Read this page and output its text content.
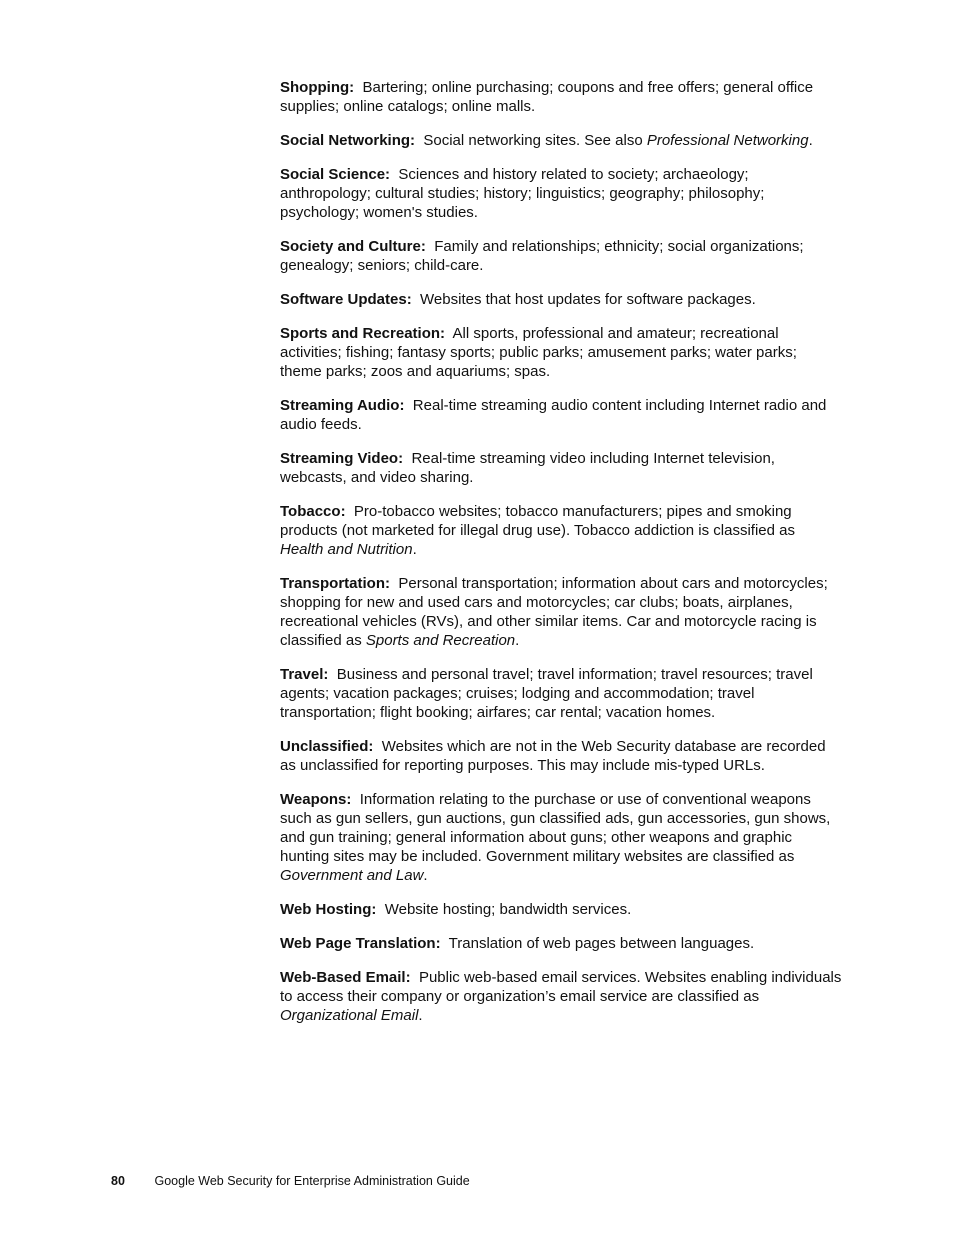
Shopping: Bartering; online purchasing; coupons and free offers; general office supplies; online catalogs; online malls.

Social Networking: Social networking sites. See also Professional Networking.

Social Science: Sciences and history related to society; archaeology; anthropology; cultural studies; history; linguistics; geography; philosophy; psychology; women's studies.

Society and Culture: Family and relationships; ethnicity; social organizations; genealogy; seniors; child-care.

Software Updates: Websites that host updates for software packages.

Sports and Recreation: All sports, professional and amateur; recreational activities; fishing; fantasy sports; public parks; amusement parks; water parks; theme parks; zoos and aquariums; spas.

Streaming Audio: Real-time streaming audio content including Internet radio and audio feeds.

Streaming Video: Real-time streaming video including Internet television, webcasts, and video sharing.

Tobacco: Pro-tobacco websites; tobacco manufacturers; pipes and smoking products (not marketed for illegal drug use). Tobacco addiction is classified as Health and Nutrition.

Transportation: Personal transportation; information about cars and motorcycles; shopping for new and used cars and motorcycles; car clubs; boats, airplanes, recreational vehicles (RVs), and other similar items. Car and motorcycle racing is classified as Sports and Recreation.

Travel: Business and personal travel; travel information; travel resources; travel agents; vacation packages; cruises; lodging and accommodation; travel transportation; flight booking; airfares; car rental; vacation homes.

Unclassified: Websites which are not in the Web Security database are recorded as unclassified for reporting purposes. This may include mis-typed URLs.

Weapons: Information relating to the purchase or use of conventional weapons such as gun sellers, gun auctions, gun classified ads, gun accessories, gun shows, and gun training; general information about guns; other weapons and graphic hunting sites may be included. Government military websites are classified as Government and Law.

Web Hosting: Website hosting; bandwidth services.

Web Page Translation: Translation of web pages between languages.

Web-Based Email: Public web-based email services. Websites enabling individuals to access their company or organization’s email service are classified as Organizational Email.

80 Google Web Security for Enterprise Administration Guide
